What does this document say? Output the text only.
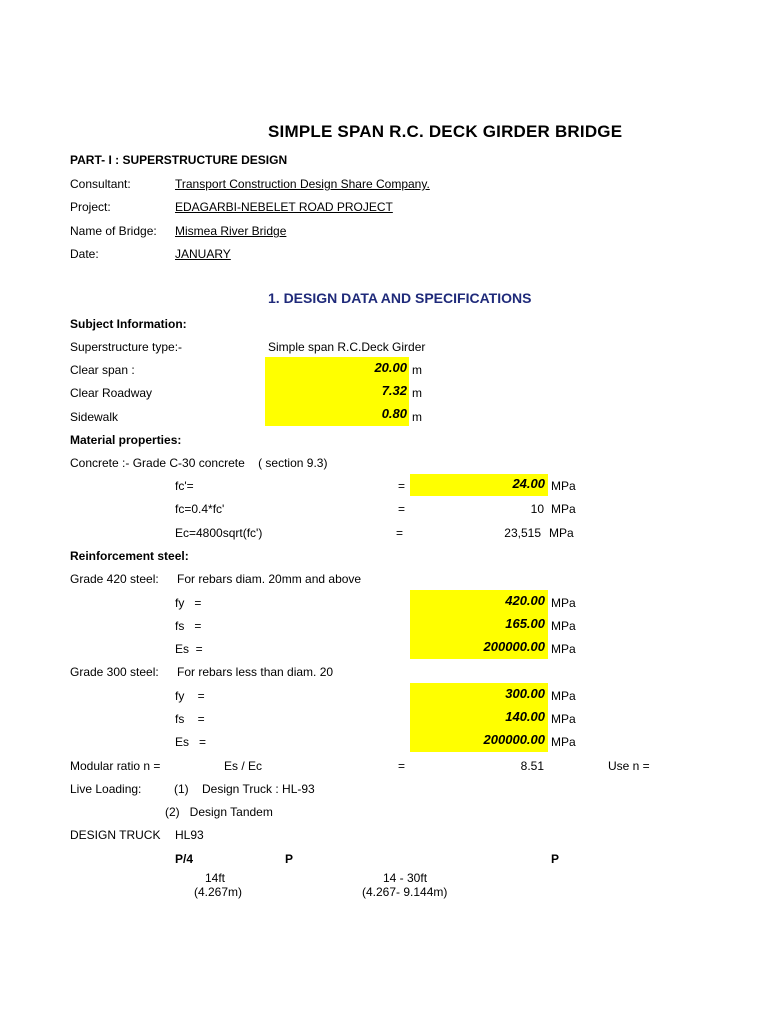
SIMPLE SPAN R.C. DECK GIRDER BRIDGE
PART- I : SUPERSTRUCTURE DESIGN
Consultant:	Transport Construction Design Share Company.
Project:	EDAGARBI-NEBELET ROAD PROJECT
Name of Bridge: Mismea River Bridge
Date:	JANUARY
1. DESIGN DATA AND SPECIFICATIONS
Subject Information:
Superstructure type:-	Simple span R.C.Deck Girder
Clear span :	20.00 m
Clear Roadway	7.32 m
Sidewalk	0.80 m
Material properties:
Concrete :- Grade C-30 concrete    ( section 9.3)
fc'=	=	24.00 MPa
fc=0.4*fc'	=	10 MPa
Ec=4800sqrt(fc')	=	23,515 MPa
Reinforcement steel:
Grade 420 steel: For rebars diam. 20mm and above
fy   =	420.00 MPa
fs   =	165.00 MPa
Es  =	200000.00 MPa
Grade 300 steel: For rebars less than diam. 20
fy    =	300.00 MPa
fs    =	140.00 MPa
Es   =	200000.00 MPa
Modular ratio n =	Es / Ec	=	8.51	Use n =
Live Loading:	(1)    Design Truck : HL-93
(2)   Design Tandem
DESIGN TRUCK HL93
P/4	P	P
14ft
(4.267m)
14 - 30ft
(4.267- 9.144m)
